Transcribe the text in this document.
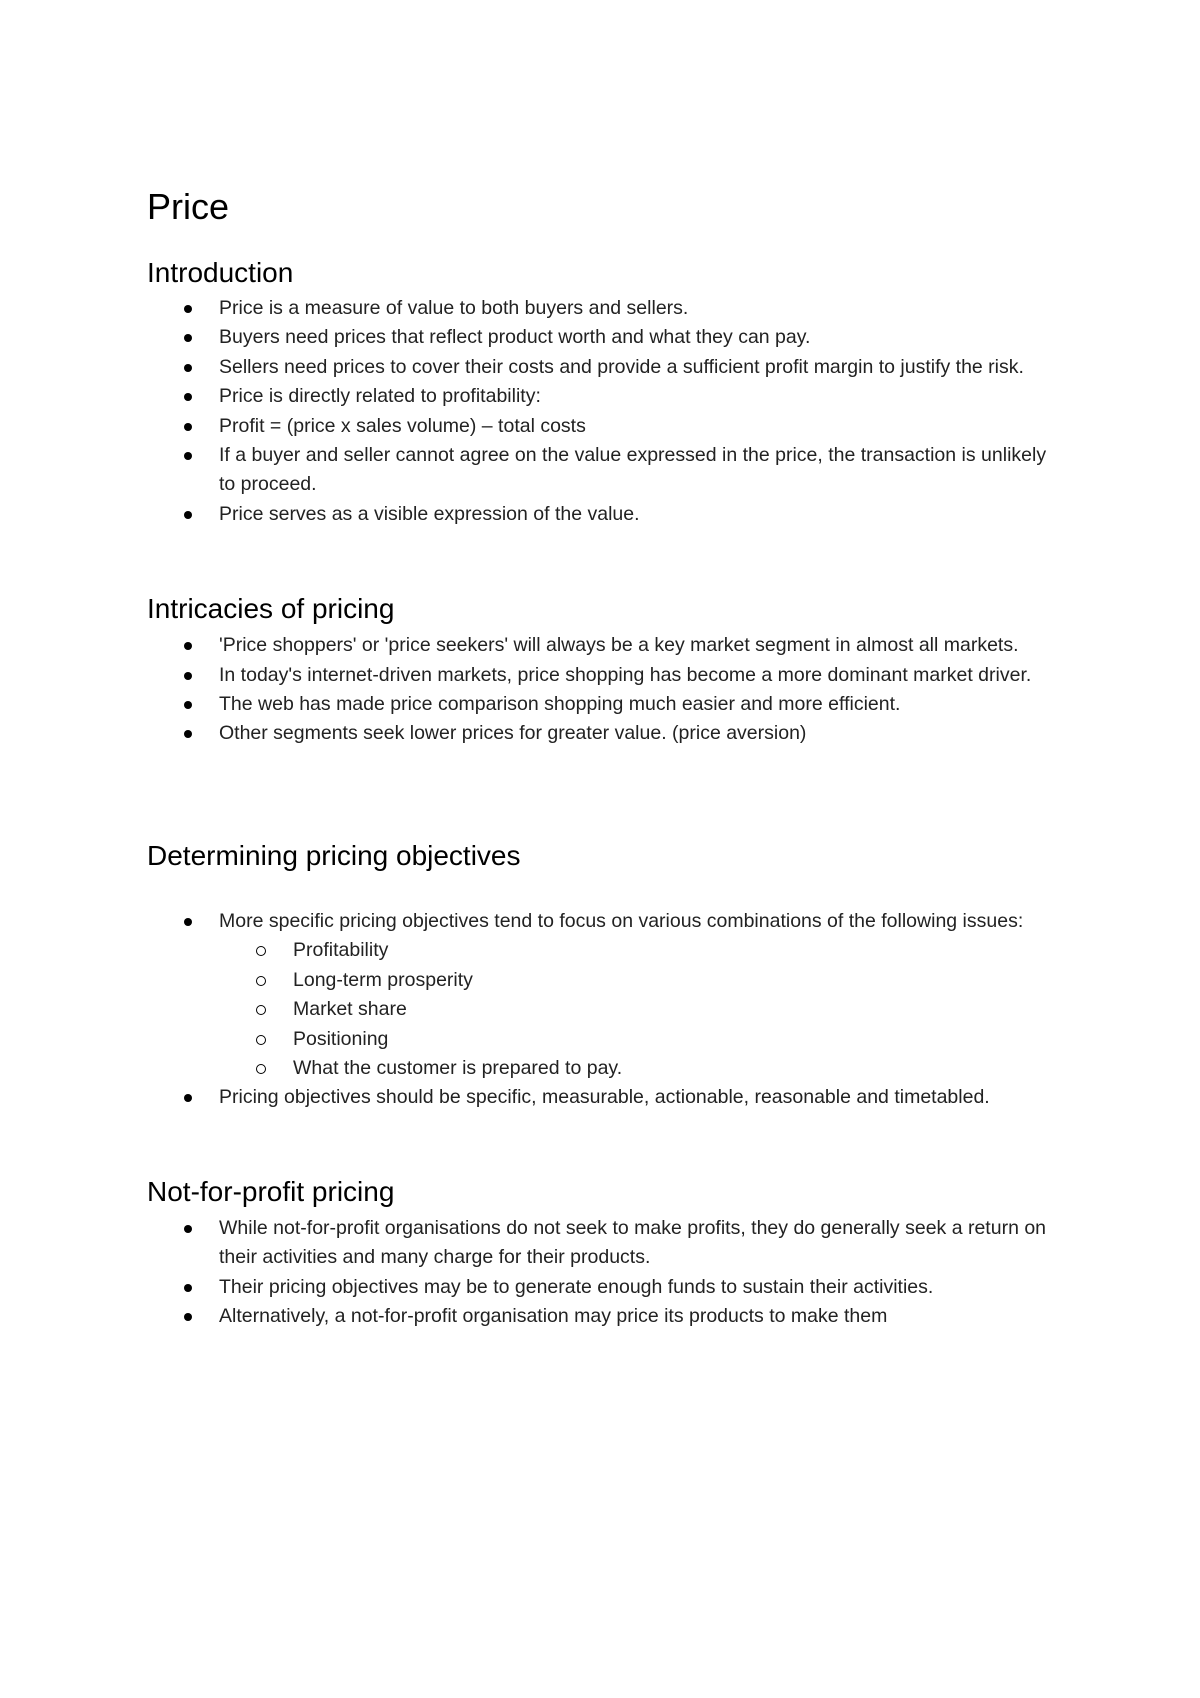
Price
Introduction
Price is a measure of value to both buyers and sellers.
Buyers need prices that reflect product worth and what they can pay.
Sellers need prices to cover their costs and provide a sufficient profit margin to justify the risk.
Price is directly related to profitability:
Profit = (price x sales volume) – total costs
If a buyer and seller cannot agree on the value expressed in the price, the transaction is unlikely to proceed.
Price serves as a visible expression of the value.
Intricacies of pricing
'Price shoppers' or 'price seekers' will always be a key market segment in almost all markets.
In today's internet-driven markets, price shopping has become a more dominant market driver.
The web has made price comparison shopping much easier and more efficient.
Other segments seek lower prices for greater value. (price aversion)
Determining pricing objectives
More specific pricing objectives tend to focus on various combinations of the following issues:
Profitability
Long-term prosperity
Market share
Positioning
What the customer is prepared to pay.
Pricing objectives should be specific, measurable, actionable, reasonable and timetabled.
Not-for-profit pricing
While not-for-profit organisations do not seek to make profits, they do generally seek a return on their activities and many charge for their products.
Their pricing objectives may be to generate enough funds to sustain their activities.
Alternatively, a not-for-profit organisation may price its products to make them
